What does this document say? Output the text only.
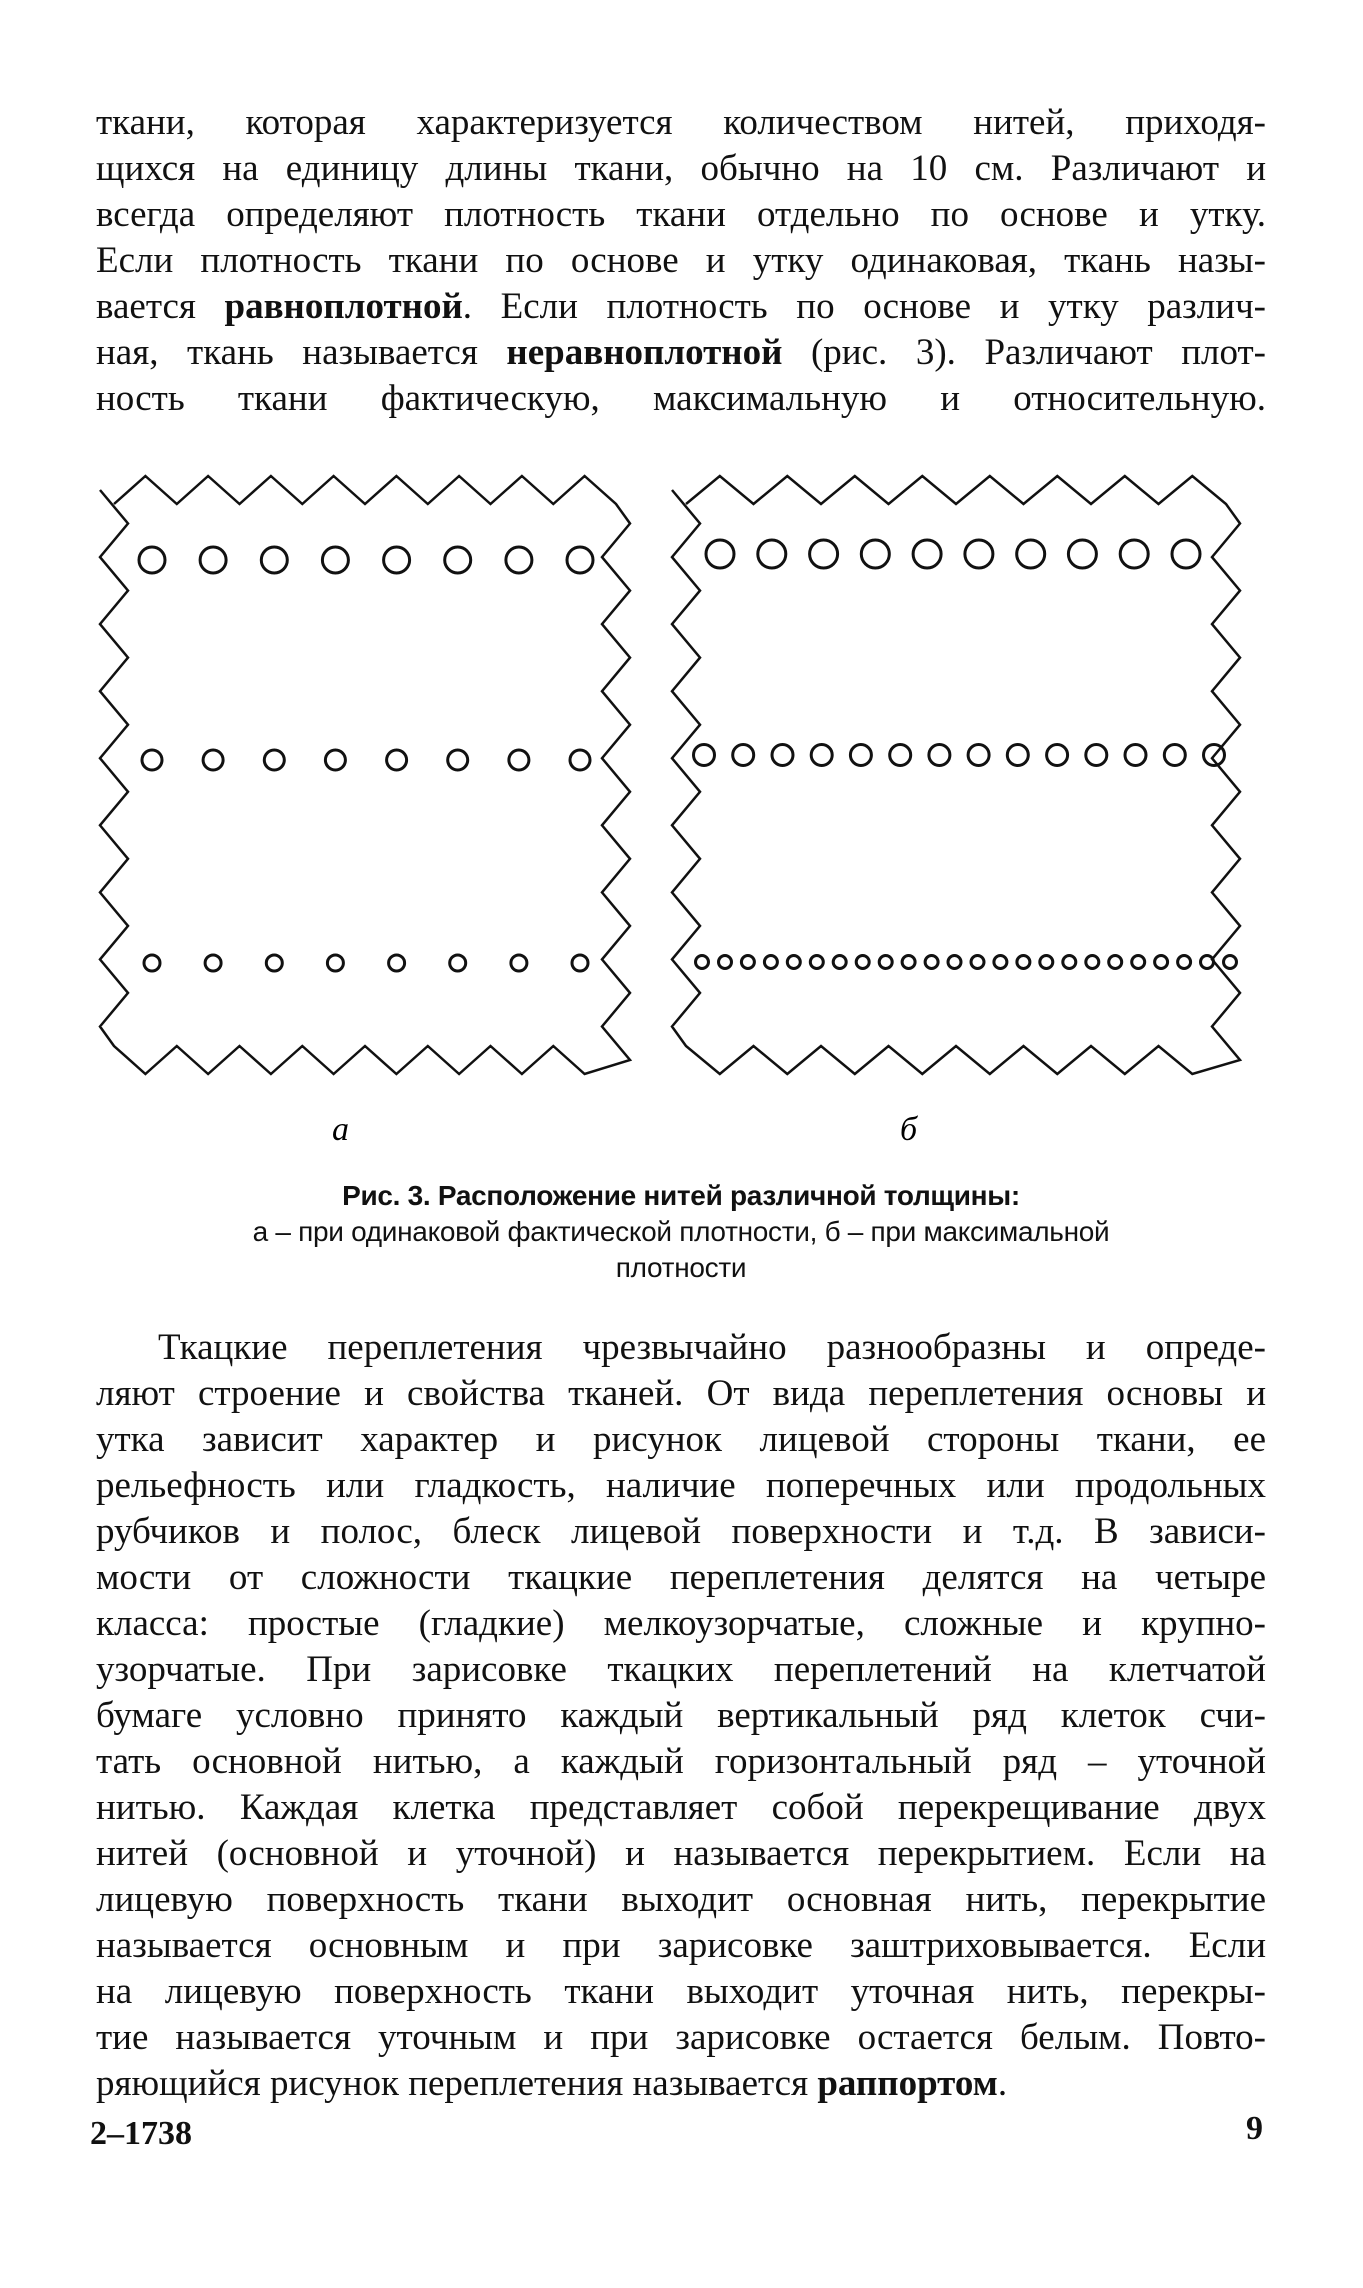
ткани, которая характеризуется количеством нитей, приходя-
щихся на единицу длины ткани, обычно на 10 см. Различают и
всегда определяют плотность ткани отдельно по основе и утку.
Если плотность ткани по основе и утку одинаковая, ткань назы-
вается равноплотной. Если плотность по основе и утку различ-
ная, ткань называется неравноплотной (рис. 3). Различают плот-
ность ткани фактическую, максимальную и относительную.

а	б
Рис. 3. Расположение нитей различной толщины:
а – при одинаковой фактической плотности, б – при максимальной
плотности

Ткацкие переплетения чрезвычайно разнообразны и опреде-
ляют строение и свойства тканей. От вида переплетения основы и
утка зависит характер и рисунок лицевой стороны ткани, ее
рельефность или гладкость, наличие поперечных или продольных
рубчиков и полос, блеск лицевой поверхности и т.д. В зависи-
мости от сложности ткацкие переплетения делятся на четыре
класса: простые (гладкие) мелкоузорчатые, сложные и крупно-
узорчатые. При зарисовке ткацких переплетений на клетчатой
бумаге условно принято каждый вертикальный ряд клеток счи-
тать основной нитью, а каждый горизонтальный ряд – уточной
нитью. Каждая клетка представляет собой перекрещивание двух
нитей (основной и уточной) и называется перекрытием. Если на
лицевую поверхность ткани выходит основная нить, перекрытие
называется основным и при зарисовке заштриховывается. Если
на лицевую поверхность ткани выходит уточная нить, перекры-
тие называется уточным и при зарисовке остается белым. Повто-
ряющийся рисунок переплетения называется раппортом.

2–1738	9
